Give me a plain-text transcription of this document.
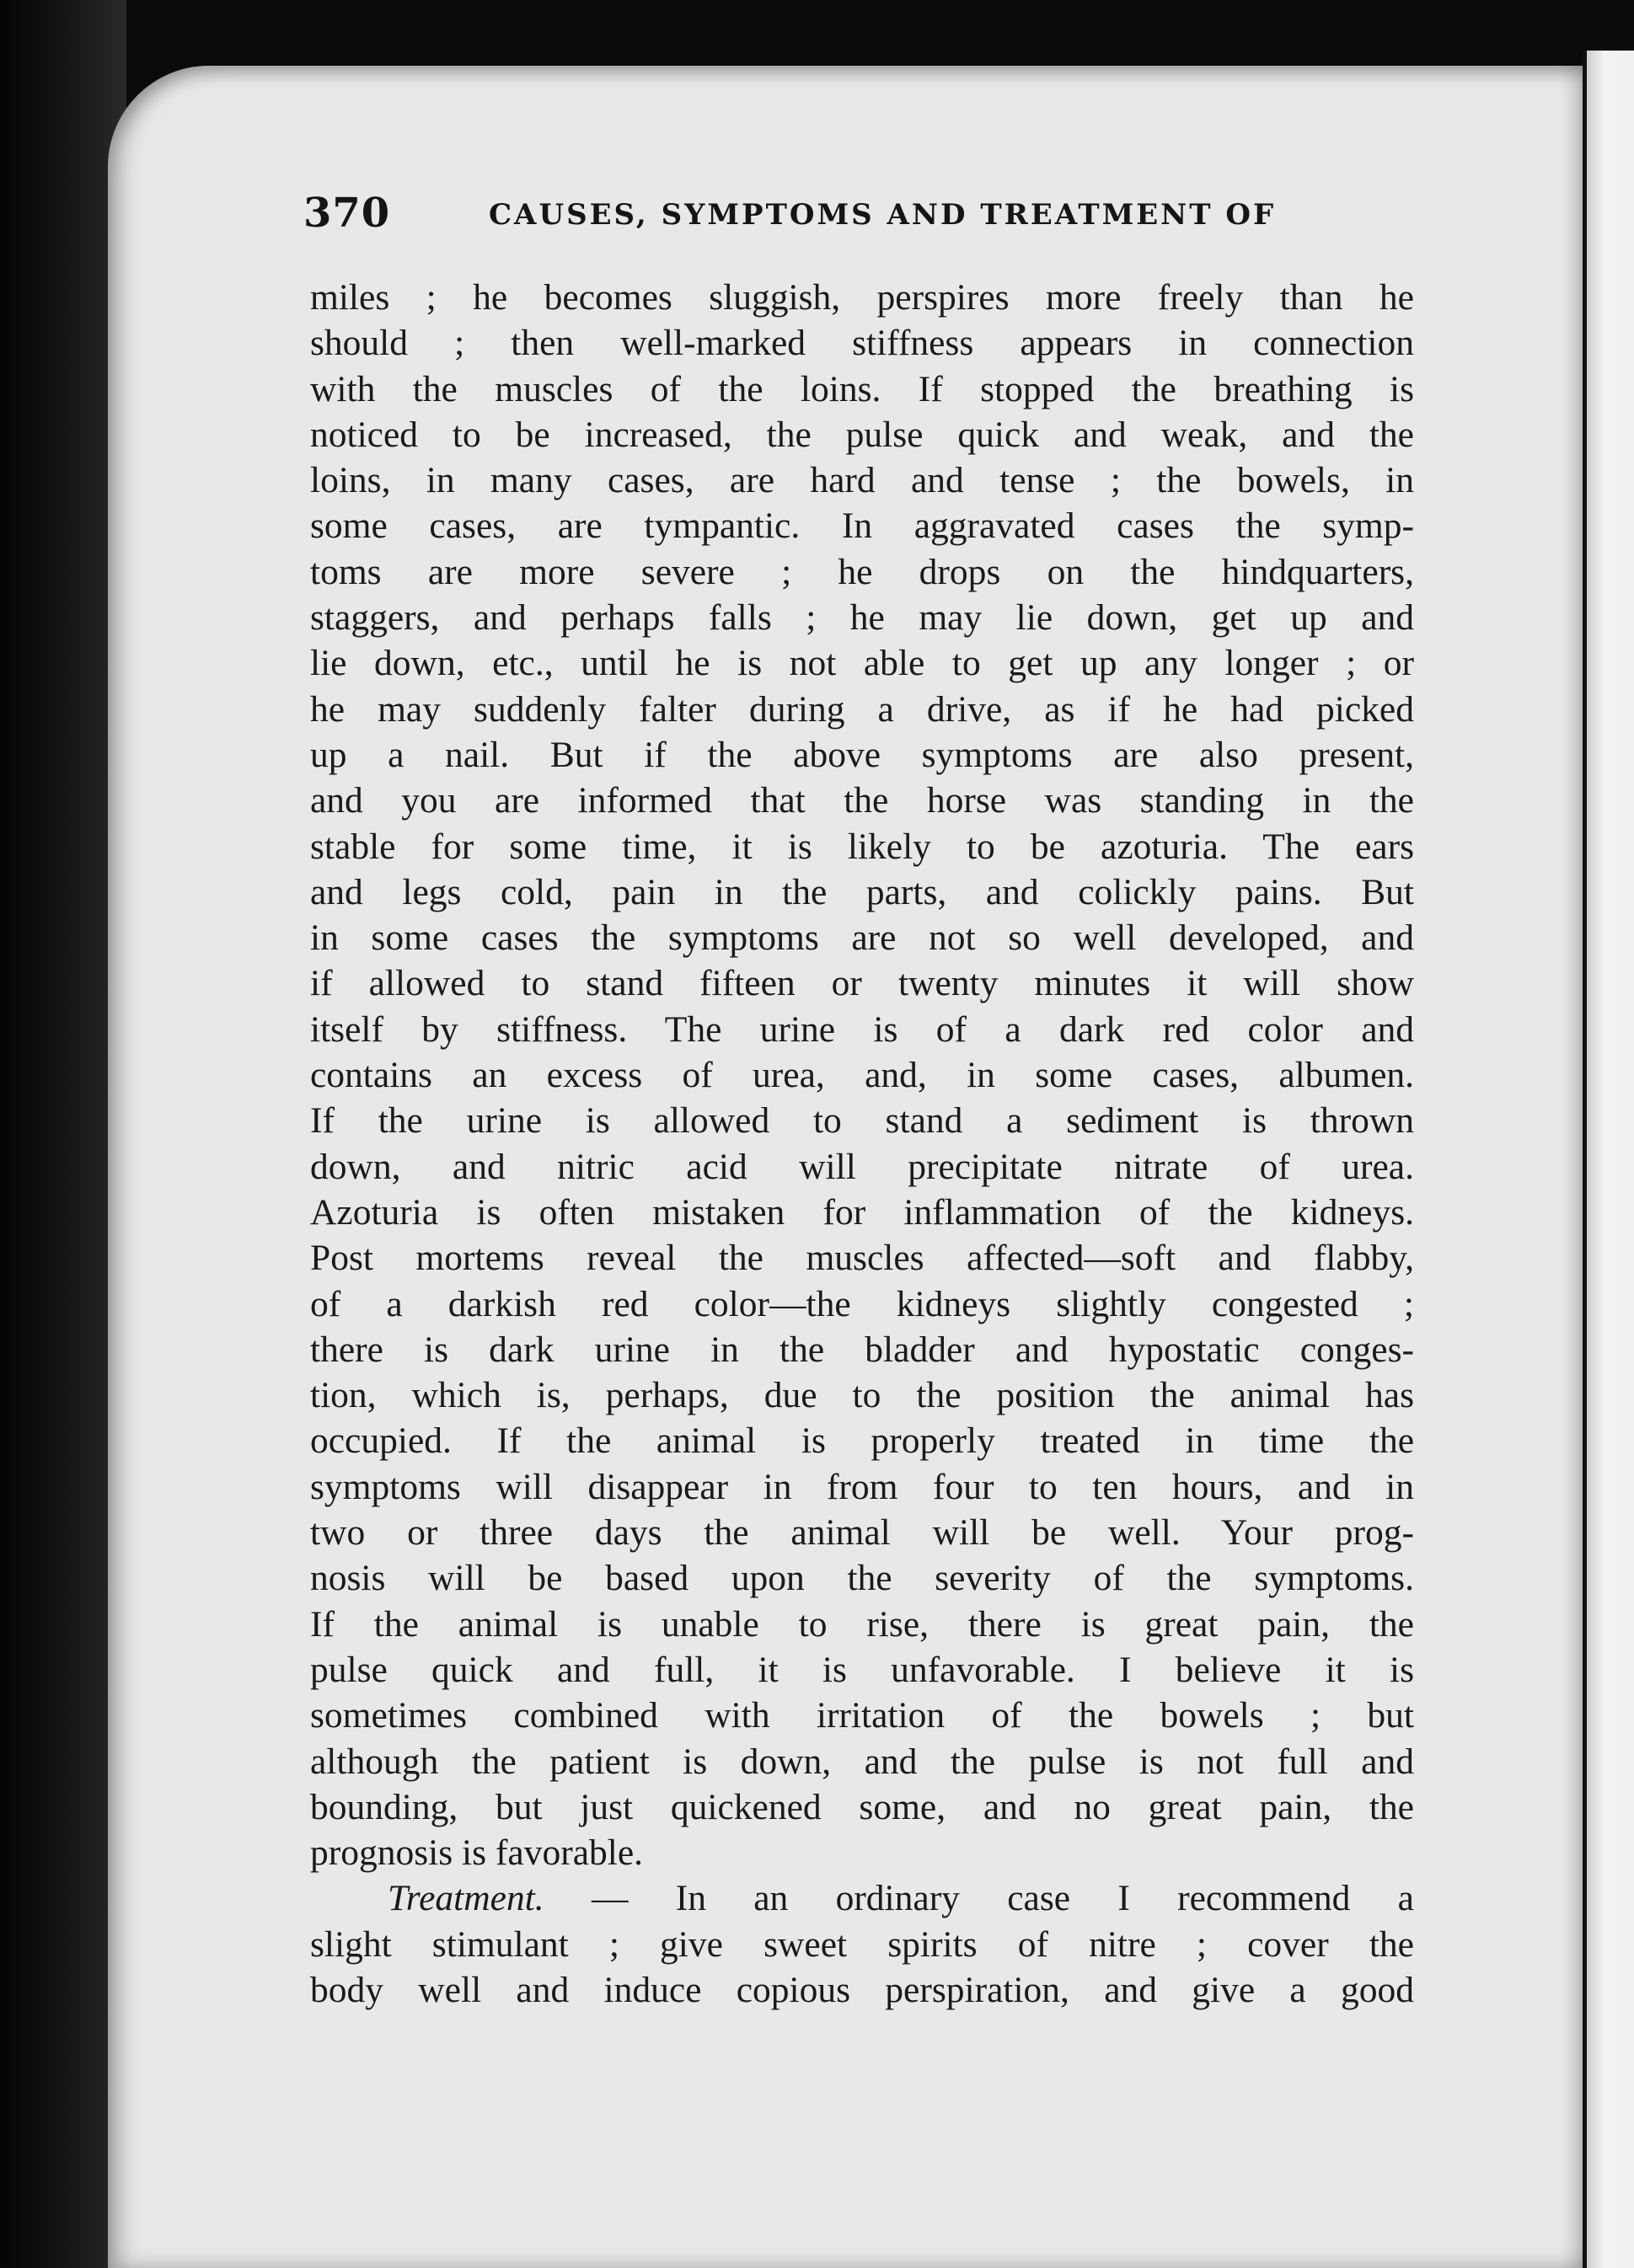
370	CAUSES, SYMPTOMS AND TREATMENT OF
miles ; he becomes sluggish, perspires more freely than he
should ; then well-marked stiffness appears in connection
with the muscles of the loins. If stopped the breathing is
noticed to be increased, the pulse quick and weak, and the
loins, in many cases, are hard and tense ; the bowels, in
some cases, are tympantic. In aggravated cases the symp-
toms are more severe ; he drops on the hindquarters,
staggers, and perhaps falls ; he may lie down, get up and
lie down, etc., until he is not able to get up any longer ; or
he may suddenly falter during a drive, as if he had picked
up a nail. But if the above symptoms are also present,
and you are informed that the horse was standing in the
stable for some time, it is likely to be azoturia. The ears
and legs cold, pain in the parts, and colickly pains. But
in some cases the symptoms are not so well developed, and
if allowed to stand fifteen or twenty minutes it will show
itself by stiffness. The urine is of a dark red color and
contains an excess of urea, and, in some cases, albumen.
If the urine is allowed to stand a sediment is thrown
down, and nitric acid will precipitate nitrate of urea.
Azoturia is often mistaken for inflammation of the kidneys.
Post mortems reveal the muscles affected—soft and flabby,
of a darkish red color—the kidneys slightly congested ;
there is dark urine in the bladder and hypostatic conges-
tion, which is, perhaps, due to the position the animal has
occupied. If the animal is properly treated in time the
symptoms will disappear in from four to ten hours, and in
two or three days the animal will be well. Your prog-
nosis will be based upon the severity of the symptoms.
If the animal is unable to rise, there is great pain, the
pulse quick and full, it is unfavorable. I believe it is
sometimes combined with irritation of the bowels ; but
although the patient is down, and the pulse is not full and
bounding, but just quickened some, and no great pain, the
prognosis is favorable.
Treatment. — In an ordinary case I recommend a
slight stimulant ; give sweet spirits of nitre ; cover the
body well and induce copious perspiration, and give a good
